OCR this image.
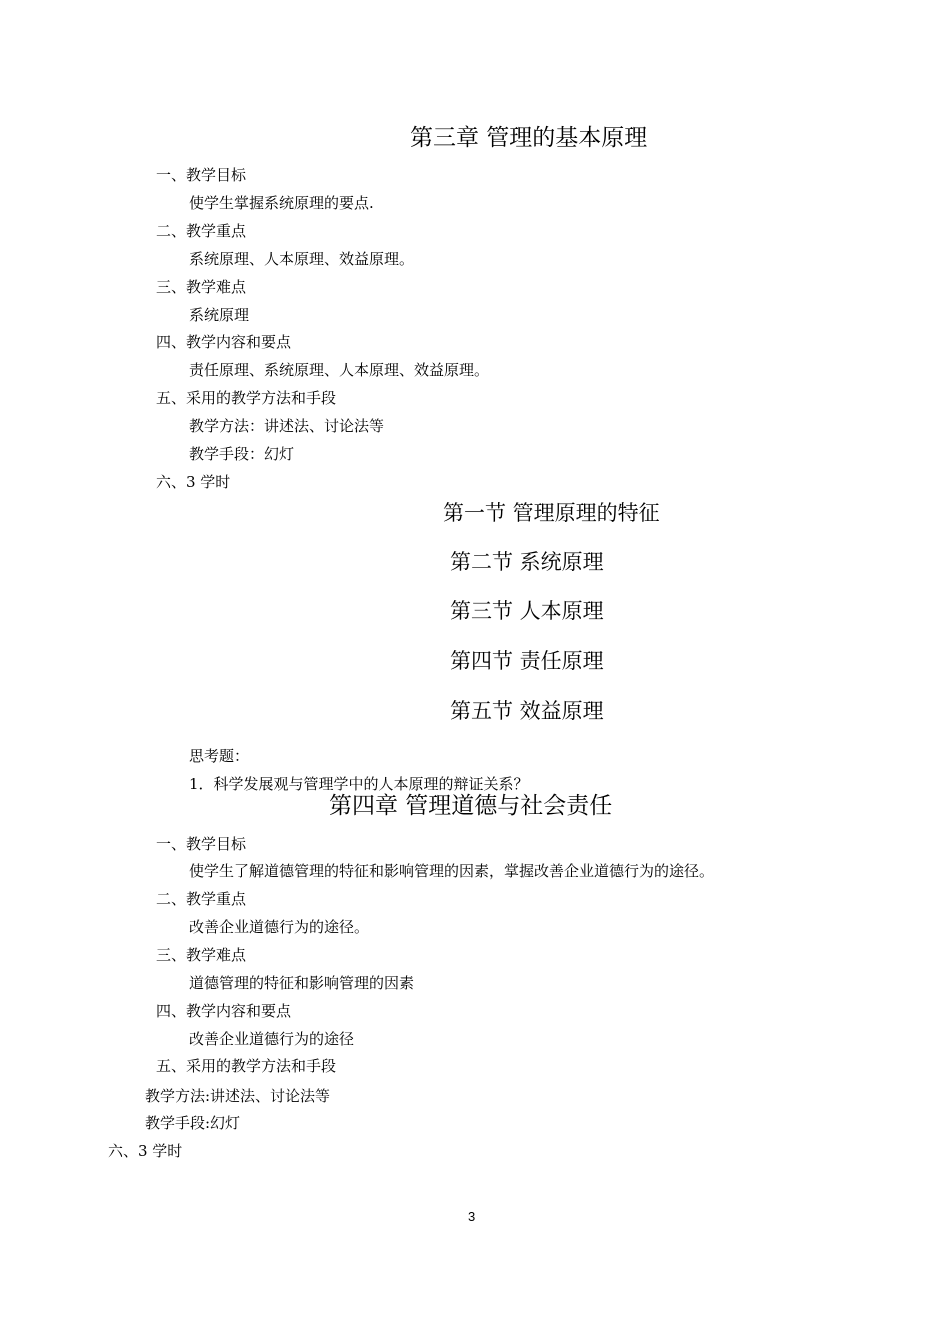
第三章 管理的基本原理
一、教学目标
使学生掌握系统原理的要点.
二、教学重点
系统原理、人本原理、效益原理。
三、教学难点
系统原理
四、教学内容和要点
责任原理、系统原理、人本原理、效益原理。
五、采用的教学方法和手段
教学方法：讲述法、讨论法等
教学手段：幻灯
六、3 学时
第一节 管理原理的特征
第二节 系统原理
第三节 人本原理
第四节 责任原理
第五节 效益原理
思考题：
1．科学发展观与管理学中的人本原理的辩证关系？
第四章 管理道德与社会责任
一、教学目标
使学生了解道德管理的特征和影响管理的因素，掌握改善企业道德行为的途径。
二、教学重点
改善企业道德行为的途径。
三、教学难点
道德管理的特征和影响管理的因素
四、教学内容和要点
改善企业道德行为的途径
五、采用的教学方法和手段
教学方法:讲述法、讨论法等
教学手段:幻灯
六、3 学时
3
